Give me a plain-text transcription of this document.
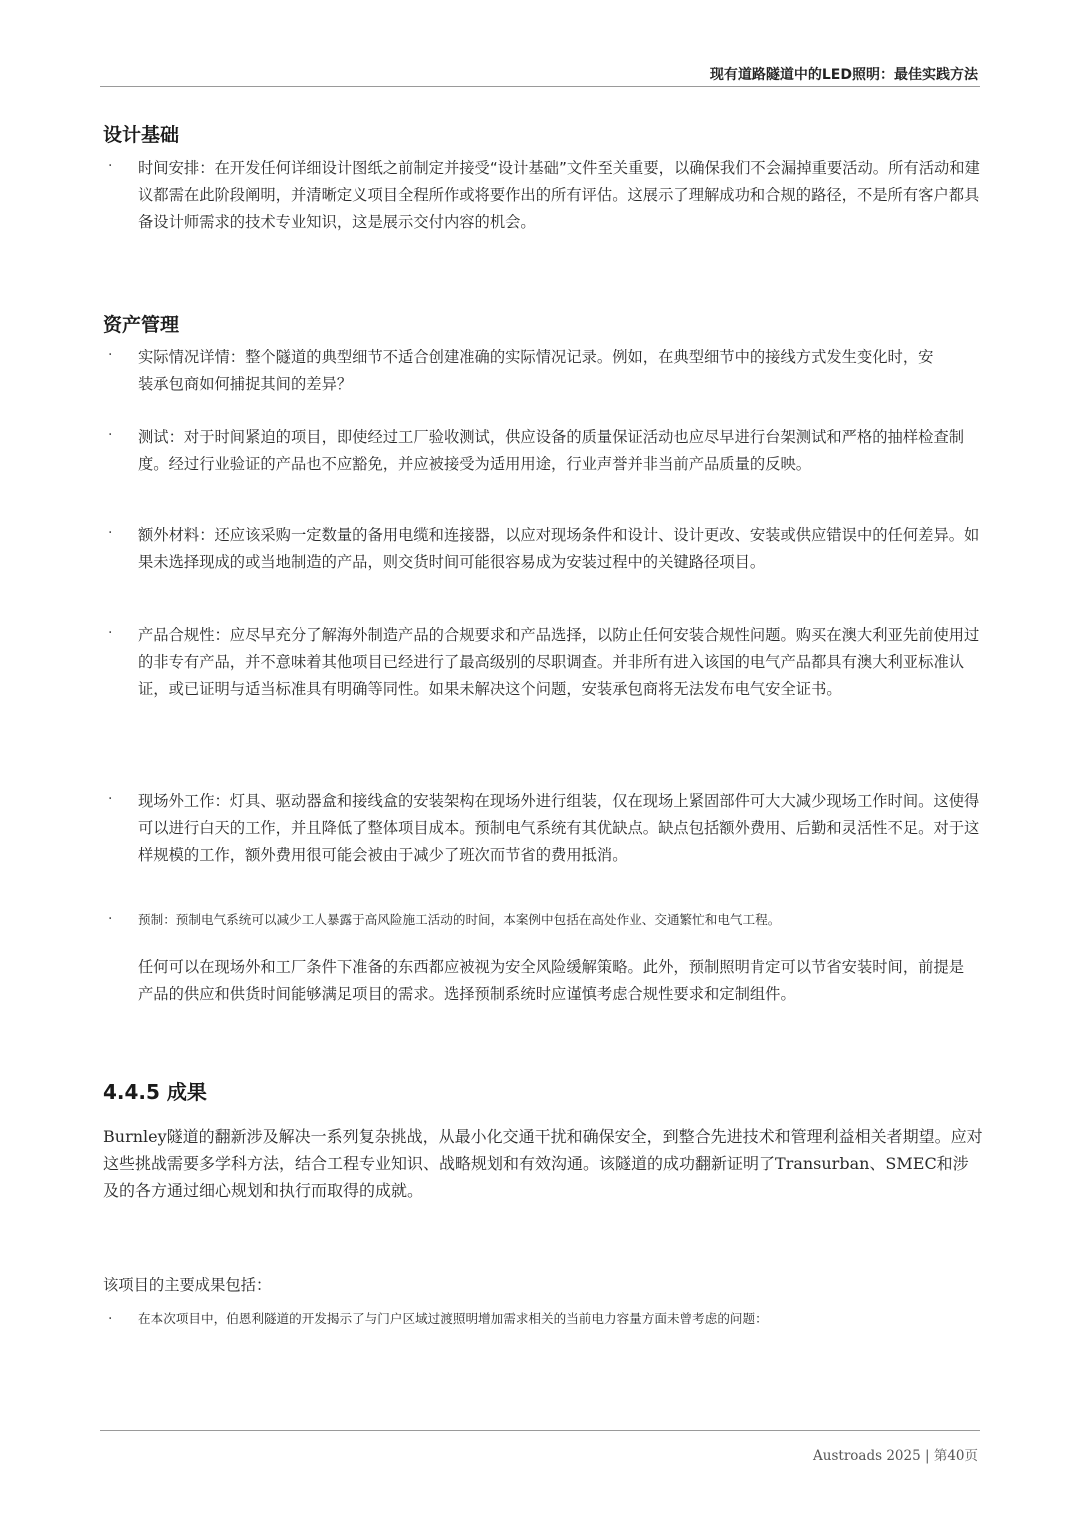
现有道路隧道中的LED照明：最佳实践方法
设计基础
· 时间安排：在开发任何详细设计图纸之前制定并接受“设计基础”文件至关重要，以确保我们不会漏掉重要活动。所有活动和建议都需在此阶段阐明，并清晰定义项目全程所作或将要作出的所有评估。这展示了理解成功和合规的路径，不是所有客户都具备设计师需求的技术专业知识，这是展示交付内容的机会。
资产管理
· 实际情况详情：整个隧道的典型细节不适合创建准确的实际情况记录。例如，在典型细节中的接线方式发生变化时，安装承包商如何捕捉其间的差异？
· 测试：对于时间紧迫的项目，即使经过工厂验收测试，供应设备的质量保证活动也应尽早进行台架测试和严格的抽样检查制度。经过行业验证的产品也不应豁免，并应被接受为适用用途，行业声誉并非当前产品质量的反映。
· 额外材料：还应该采购一定数量的备用电缆和连接器，以应对现场条件和设计、设计更改、安装或供应错误中的任何差异。如果未选择现成的或当地制造的产品，则交货时间可能很容易成为安装过程中的关键路径项目。
· 产品合规性：应尽早充分了解海外制造产品的合规要求和产品选择，以防止任何安装合规性问题。购买在澳大利亚先前使用过的非专有产品，并不意味着其他项目已经进行了最高级别的尽职调查。并非所有进入该国的电气产品都具有澳大利亚标准认证，或已证明与适当标准具有明确等同性。如果未解决这个问题，安装承包商将无法发布电气安全证书。
· 现场外工作：灯具、驱动器盒和接线盒的安装架构在现场外进行组装，仅在现场上紧固部件可大大减少现场工作时间。这使得可以进行白天的工作，并且降低了整体项目成本。预制电气系统有其优缺点。缺点包括额外费用、后勤和灵活性不足。对于这样规模的工作，额外费用很可能会被由于减少了班次而节省的费用抵消。
· 预制：预制电气系统可以减少工人暴露于高风险施工活动的时间，本案例中包括在高处作业、交通繁忙和电气工程。
任何可以在现场外和工厂条件下准备的东西都应被视为安全风险缓解策略。此外，预制照明肯定可以节省安装时间，前提是产品的供应和供货时间能够满足项目的需求。选择预制系统时应谨慎考虑合规性要求和定制组件。
4.4.5 成果
Burnley隧道的翻新涉及解决一系列复杂挑战，从最小化交通干扰和确保安全，到整合先进技术和管理利益相关者期望。应对这些挑战需要多学科方法，结合工程专业知识、战略规划和有效沟通。该隧道的成功翻新证明了Transurban、SMEC和涉及的各方通过细心规划和执行而取得的成就。
该项目的主要成果包括：
· 在本次项目中，伯恩利隧道的开发揭示了与门户区域过渡照明增加需求相关的当前电力容量方面未曾考虑的问题：
Austroads 2025 | 第40页
